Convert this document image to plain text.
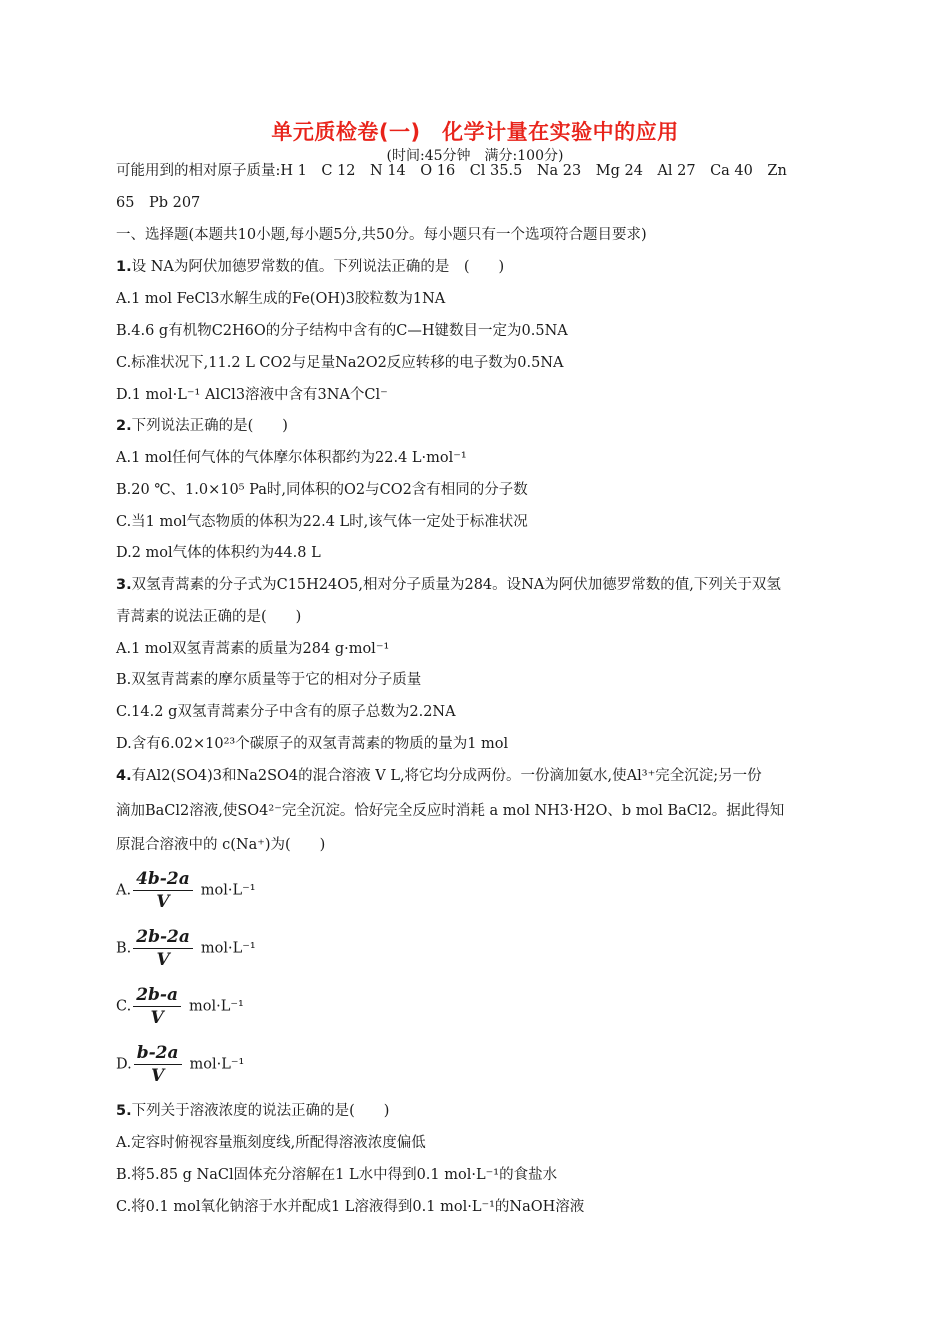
单元质检卷(一)　化学计量在实验中的应用
(时间:45分钟　满分:100分)
可能用到的相对原子质量:H 1　C 12　N 14　O 16　Cl 35.5　Na 23　Mg 24　Al 27　Ca 40　Zn
65　Pb 207
一、选择题(本题共10小题,每小题5分,共50分。每小题只有一个选项符合题目要求)
1.设 NA为阿伏加德罗常数的值。下列说法正确的是　(　　)
A.1 mol FeCl3水解生成的Fe(OH)3胶粒数为1NA
B.4.6 g有机物C2H6O的分子结构中含有的C—H键数目一定为0.5NA
C.标准状况下,11.2 L CO2与足量Na2O2反应转移的电子数为0.5NA
D.1 mol·L⁻¹ AlCl3溶液中含有3NA个Cl⁻
2.下列说法正确的是(　　)
A.1 mol任何气体的气体摩尔体积都约为22.4 L·mol⁻¹
B.20 ℃、1.0×10⁵ Pa时,同体积的O2与CO2含有相同的分子数
C.当1 mol气态物质的体积为22.4 L时,该气体一定处于标准状况
D.2 mol气体的体积约为44.8 L
3.双氢青蒿素的分子式为C15H24O5,相对分子质量为284。设NA为阿伏加德罗常数的值,下列关于双氢
青蒿素的说法正确的是(　　)
A.1 mol双氢青蒿素的质量为284 g·mol⁻¹
B.双氢青蒿素的摩尔质量等于它的相对分子质量
C.14.2 g双氢青蒿素分子中含有的原子总数为2.2NA
D.含有6.02×10²³个碳原子的双氢青蒿素的物质的量为1 mol
4.有Al2(SO4)3和Na2SO4的混合溶液 V L,将它均分成两份。一份滴加氨水,使Al³⁺完全沉淀;另一份
滴加BaCl2溶液,使SO4²⁻完全沉淀。恰好完全反应时消耗 a mol NH3·H2O、b mol BaCl2。据此得知
原混合溶液中的 c(Na⁺)为(　　)
A. $\frac{4b-2a}{V} mol\cdot L^{-1}$
B. $\frac{2b-2a}{V} mol\cdot L^{-1}$
C. $\frac{2b-a}{V} mol\cdot L^{-1}$
D. $\frac{b-2a}{V} mol\cdot L^{-1}$
5.下列关于溶液浓度的说法正确的是(　　)
A.定容时俯视容量瓶刻度线,所配得溶液浓度偏低
B.将5.85 g NaCl固体充分溶解在1 L水中得到0.1 mol·L⁻¹的食盐水
C.将0.1 mol氧化钠溶于水并配成1 L溶液得到0.1 mol·L⁻¹的NaOH溶液
